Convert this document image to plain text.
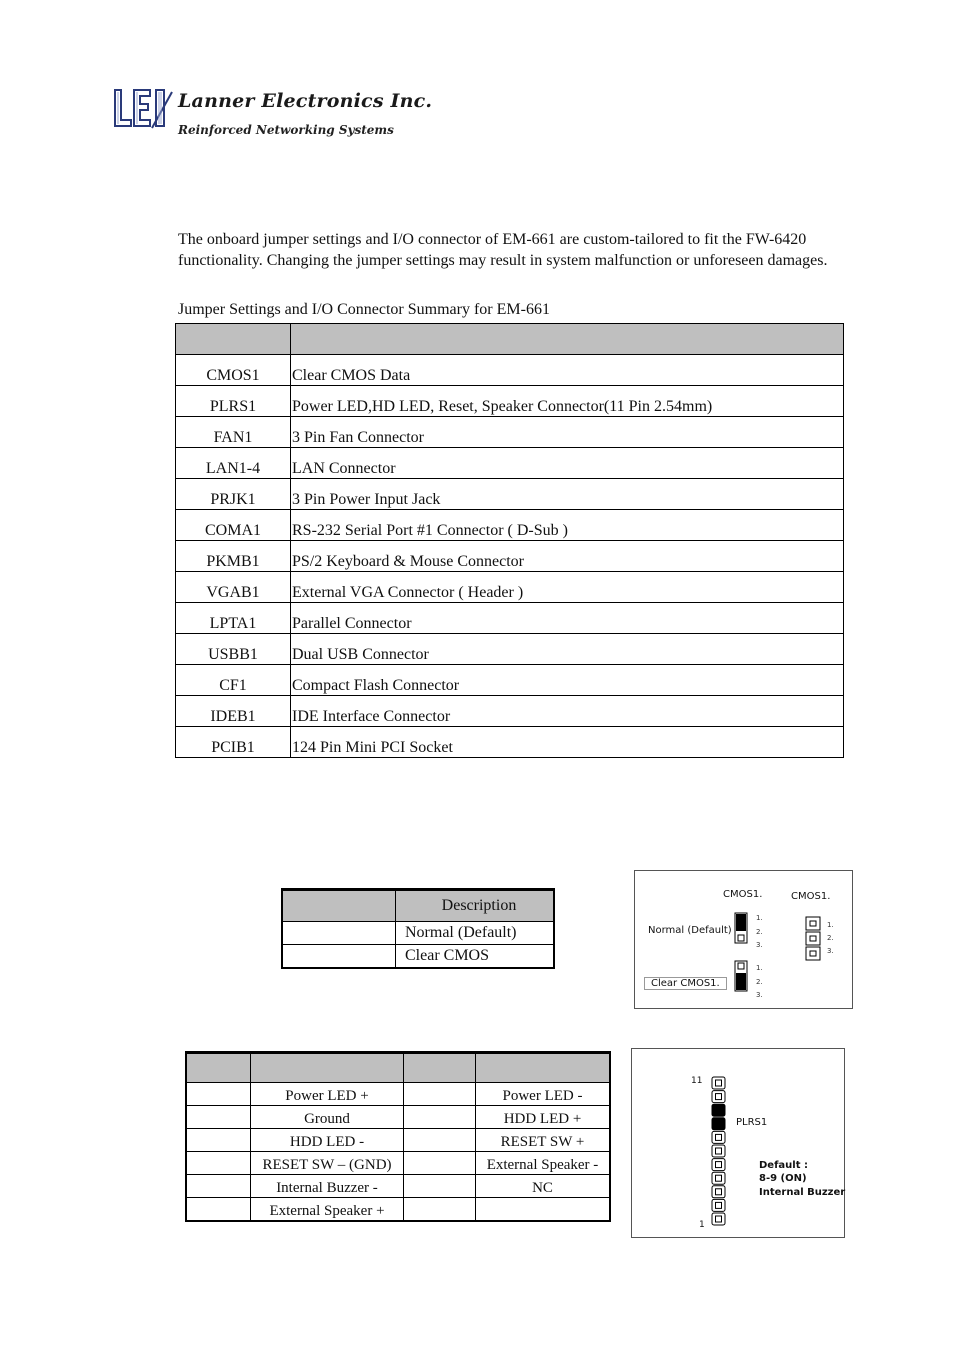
Lanner Electronics Inc.
Reinforced Networking Systems
The onboard jumper settings and I/O connector of EM-661 are custom-tailored to fit the FW-6420 functionality. Changing the jumper settings may result in system malfunction or unforeseen damages.
Jumper Settings and I/O Connector Summary for EM-661

CMOS1	Clear CMOS Data
PLRS1	Power LED,HD LED, Reset, Speaker Connector(11 Pin 2.54mm)
FAN1	3 Pin Fan Connector
LAN1-4	LAN Connector
PRJK1	3 Pin Power Input Jack
COMA1	RS-232 Serial Port #1 Connector ( D-Sub )
PKMB1	PS/2 Keyboard & Mouse Connector
VGAB1	External VGA Connector ( Header )
LPTA1	Parallel Connector
USBB1	Dual USB Connector
CF1	Compact Flash Connector
IDEB1	IDE Interface Connector
PCIB1	124 Pin Mini PCI Socket
	Description
	Normal (Default)
	Clear CMOS
CMOS1.	CMOS1.
Normal (Default)
Clear CMOS1.
1.
2.
3.
1.
2.
3.
1.
2.
3.

	Power LED +		Power LED -
	Ground		HDD LED +
	HDD LED -		RESET SW +
	RESET SW – (GND)		External Speaker -
	Internal Buzzer -		NC
	External Speaker +		
11
1
PLRS1
Default :
8-9 (ON)
Internal Buzzer
